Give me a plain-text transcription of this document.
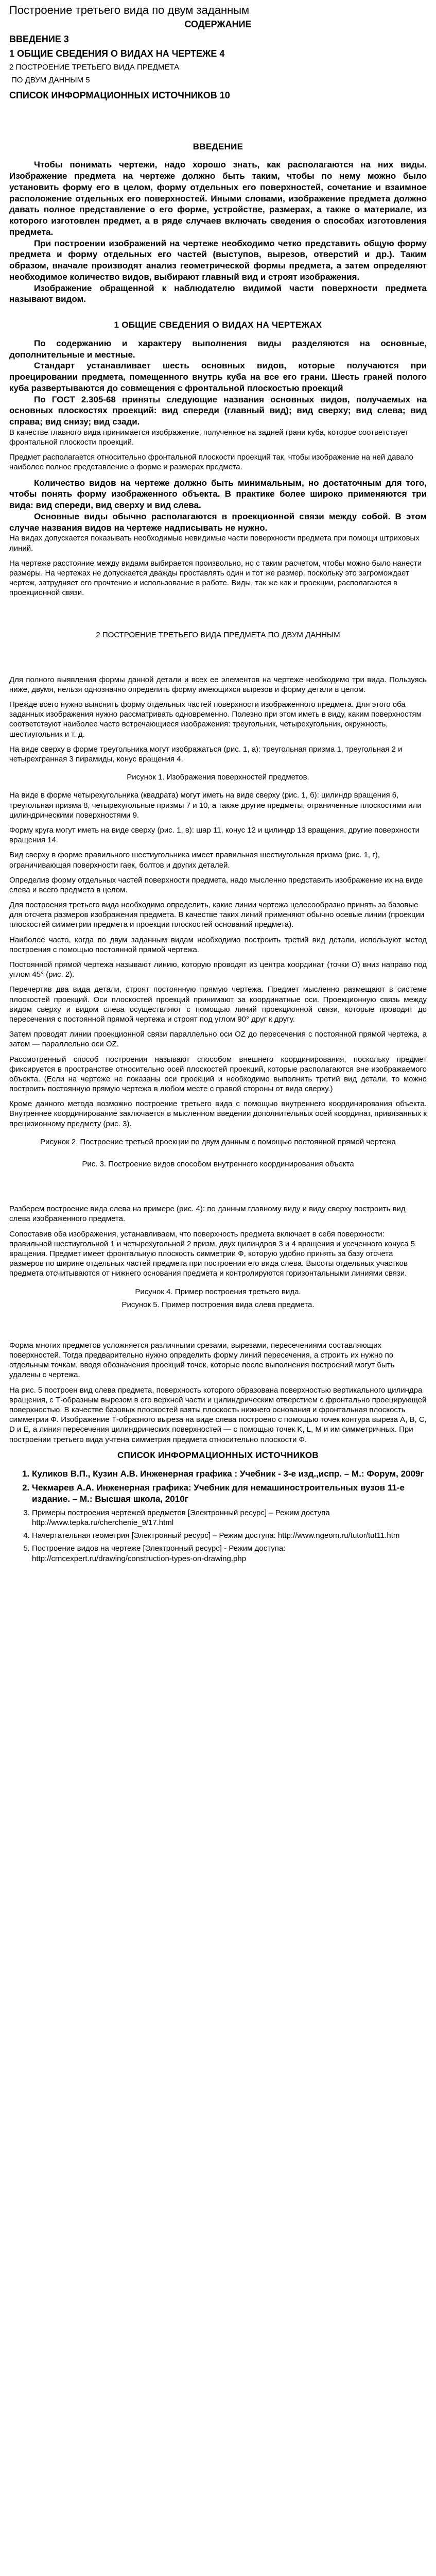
Построение третьего вида по двум заданным
СОДЕРЖАНИЕ
ВВЕДЕНИЕ 3
1 ОБЩИЕ СВЕДЕНИЯ О ВИДАХ НА ЧЕРТЕЖЕ 4
2 ПОСТРОЕНИЕ ТРЕТЬЕГО ВИДА ПРЕДМЕТА
ПО ДВУМ ДАННЫМ 5
СПИСОК ИНФОРМАЦИОННЫХ ИСТОЧНИКОВ 10
ВВЕДЕНИЕ

Чтобы понимать чертежи, надо хорошо знать, как располагаются на них виды. Изображение предмета на чертеже должно быть таким, чтобы по нему можно было установить форму его в целом, форму отдельных его поверхностей, сочетание и взаимное расположение отдельных его поверхностей. Иными словами, изображение предмета должно давать полное представление о его форме, устройстве, размерах, а также о материале, из которого изготовлен предмет, а в ряде случаев включать сведения о способах изготовления предмета.

При построении изображений на чертеже необходимо четко представить общую форму предмета и форму отдельных его частей (выступов, вырезов, отверстий и др.). Таким образом, вначале производят анализ геометрической формы предмета, а затем определяют необходимое количество видов, выбирают главный вид и строят изображения.

Изображение обращенной к наблюдателю видимой части поверхности предмета называют видом.

1 ОБЩИЕ СВЕДЕНИЯ О ВИДАХ НА ЧЕРТЕЖАХ

По содержанию и характеру выполнения виды разделяются на основные, дополнительные и местные.

Стандарт устанавливает шесть основных видов, которые получаются при проецировании предмета, помещенного внутрь куба на все его грани. Шесть граней полого куба развертываются до совмещения с фронтальной плоскостью проекций

По ГОСТ 2.305-68 приняты следующие названия основных видов, получаемых на основных плоскостях проекций: вид спереди (главный вид); вид сверху; вид слева; вид справа; вид снизу; вид сзади.

В качестве главного вида принимается изображение, полученное на задней грани куба, которое соответствует фронтальной плоскости проекций.

Предмет располагается относительно фронтальной плоскости проекций так, чтобы изображение на ней давало наиболее полное представление о форме и размерах предмета.

Количество видов на чертеже должно быть минимальным, но достаточным для того, чтобы понять форму изображенного объекта. В практике более широко применяются три вида: вид спереди, вид сверху и вид слева.

Основные виды обычно располагаются в проекционной связи между собой. В этом случае названия видов на чертеже надписывать не нужно.

На видах допускается показывать необходимые невидимые части поверхности предмета при помощи штриховых линий.

На чертеже расстояние между видами выбирается произвольно, но с таким расчетом, чтобы можно было нанести размеры. На чертежах не допускается дважды проставлять один и тот же размер, поскольку это загромождает чертеж, затрудняет его прочтение и использование в работе. Виды, так же как и проекции, располагаются в проекционной связи.

2 ПОСТРОЕНИЕ ТРЕТЬЕГО ВИДА ПРЕДМЕТА ПО ДВУМ ДАННЫМ

Для полного выявления формы данной детали и всех ее элементов на чертеже необходимо три вида. Пользуясь ниже, двумя, нельзя однозначно определить форму имеющихся вырезов и форму детали в целом.

Прежде всего нужно выяснить форму отдельных частей поверхности изображенного предмета. Для этого оба заданных изображения нужно рассматривать одновременно. Полезно при этом иметь в виду, каким поверхностям соответствуют наиболее часто встречающиеся изображения: треугольник, четырехугольник, окружность, шестиугольник и т. д.

На виде сверху в форме треугольника могут изображаться (рис. 1, а): треугольная призма 1, треугольная 2 и четырехгранная 3 пирамиды, конус вращения 4.

Рисунок 1. Изображения поверхностей предметов.

На виде в форме четырехугольника (квадрата) могут иметь на виде сверху (рис. 1, б): цилиндр вращения 6, треугольная призма 8, четырехугольные призмы 7 и 10, а также другие предметы, ограниченные плоскостями или цилиндрическими поверхностями 9.

Форму круга могут иметь на виде сверху (рис. 1, в): шар 11, конус 12 и цилиндр 13 вращения, другие поверхности вращения 14.

Вид сверху в форме правильного шестиугольника имеет правильная шестиугольная призма (рис. 1, г), ограничивающая поверхности гаек, болтов и других деталей.

Определив форму отдельных частей поверхности предмета, надо мысленно представить изображение их на виде слева и всего предмета в целом.

Для построения третьего вида необходимо определить, какие линии чертежа целесообразно принять за базовые для отсчета размеров изображения предмета. В качестве таких линий применяют обычно осевые линии (проекции плоскостей симметрии предмета и проекции плоскостей оснований предмета).

Наиболее часто, когда по двум заданным видам необходимо построить третий вид детали, используют метод построения с помощью постоянной прямой чертежа.

Постоянной прямой чертежа называют линию, которую проводят из центра координат (точки О) вниз направо под углом 45° (рис. 2).

Перечертив два вида детали, строят постоянную прямую чертежа. Предмет мысленно размещают в системе плоскостей проекций. Оси плоскостей проекций принимают за координатные оси. Проекционную связь между видом сверху и видом слева осуществляют с помощью линий проекционной связи, которые проводят до пересечения с постоянной прямой чертежа и строят под углом 90° друг к другу.

Затем проводят линии проекционной связи параллельно оси OZ до пересечения с постоянной прямой чертежа, а затем — параллельно оси OZ.

Рассмотренный способ построения называют способом внешнего координирования, поскольку предмет фиксируется в пространстве относительно осей плоскостей проекций, которые располагаются вне изображаемого объекта. (Если на чертеже не показаны оси проекций и необходимо выполнить третий вид детали, то можно построить постоянную прямую чертежа в любом месте с правой стороны от вида сверху.)

Кроме данного метода возможно построение третьего вида с помощью внутреннего координирования объекта. Внутреннее координирование заключается в мысленном введении дополнительных осей координат, привязанных к прецизионному предмету (рис. 3).

Рисунок 2. Построение третьей проекции по двум данным с помощью постоянной прямой чертежа
Рис. 3. Построение видов способом внутреннего координирования объекта

Разберем построение вида слева на примере (рис. 4): по данным главному виду и виду сверху построить вид слева изображенного предмета.

Сопоставив оба изображения, устанавливаем, что поверхность предмета включает в себя поверхности: правильной шестиугольной 1 и четырехугольной 2 призм, двух цилиндров 3 и 4 вращения и усеченного конуса 5 вращения. Предмет имеет фронтальную плоскость симметрии Ф, которую удобно принять за базу отсчета размеров по ширине отдельных частей предмета при построении его вида слева. Высоты отдельных участков предмета отсчитываются от нижнего основания предмета и контролируются горизонтальными линиями связи.

Рисунок 4. Пример построения третьего вида.
Рисунок 5. Пример построения вида слева предмета.

Форма многих предметов усложняется различными срезами, вырезами, пересечениями составляющих поверхностей. Тогда предварительно нужно определить форму линий пересечения, а строить их нужно по отдельным точкам, вводя обозначения проекций точек, которые после выполнения построений могут быть удалены с чертежа.

На рис. 5 построен вид слева предмета, поверхность которого образована поверхностью вертикального цилиндра вращения, с Т-образным вырезом в его верхней части и цилиндрическим отверстием с фронтально проецирующей поверхностью. В качестве базовых плоскостей взяты плоскость нижнего основания и фронтальная плоскость симметрии Ф. Изображение Т-образного выреза на виде слева построено с помощью точек контура выреза A, B, C, D и E, а линия пересечения цилиндрических поверхностей — с помощью точек K, L, M и им симметричных. При построении третьего вида учтена симметрия предмета относительно плоскости Ф.

СПИСОК ИНФОРМАЦИОННЫХ ИСТОЧНИКОВ
1. Куликов В.П., Кузин А.В. Инженерная графика : Учебник - 3-е изд.,испр. – М.: Форум, 2009г
2. Чекмарев А.А. Инженерная графика: Учебник для немашиностроительных вузов 11-е издание. – М.: Высшая школа, 2010г
3. Примеры построения чертежей предметов [Электронный ресурс] – Режим доступа http://www.tepka.ru/cherchenie_9/17.html
4. Начертательная геометрия [Электронный ресурс] – Режим доступа: http://www.ngeom.ru/tutor/tut11.htm
5. Построение видов на чертеже [Электронный ресурс] - Режим доступа: http://crncexpert.ru/drawing/construction-types-on-drawing.php
